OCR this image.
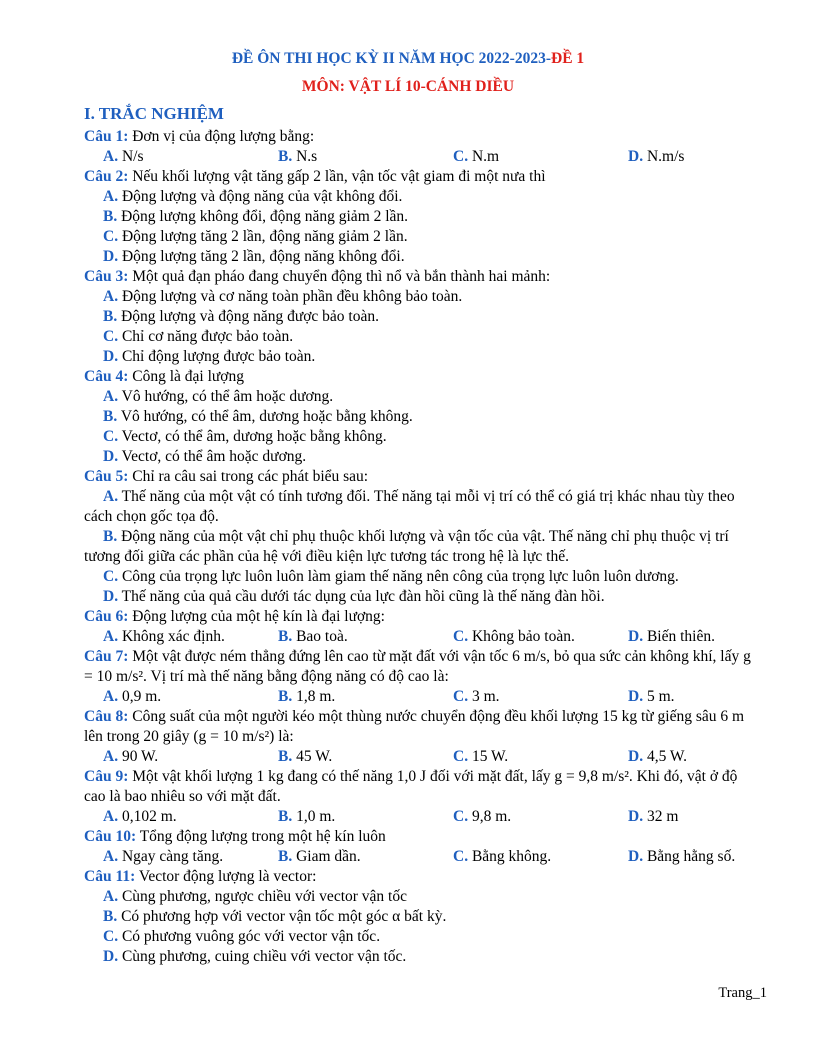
ĐỀ ÔN THI HỌC KỲ II NĂM HỌC 2022-2023-ĐỀ 1
MÔN: VẬT LÍ 10-CÁNH DIỀU
I. TRẮC NGHIỆM

Câu 1: Đơn vị của động lượng bằng:

A. N/s	B. N.s	C. N.m	D. N.m/s

Câu 2: Nếu khối lượng vật tăng gấp 2 lần, vận tốc vật giam đi một nưa thì

A. Động lượng và động năng của vật không đổi.

B. Động lượng không đổi, động năng giảm 2 lần.

C. Động lượng tăng 2 lần, động năng giảm 2 lần.

D. Động lượng tăng 2 lần, động năng không đổi.

Câu 3: Một quả đạn pháo đang chuyển động thì nổ và bắn thành hai mảnh:

A. Động lượng và cơ năng toàn phần đều không bảo toàn.

B. Động lượng và động năng được bảo toàn.

C. Chỉ cơ năng được bảo toàn.

D. Chỉ động lượng được bảo toàn.

Câu 4: Công là đại lượng

A. Vô hướng, có thể âm hoặc dương.

B. Vô hướng, có thể âm, dương hoặc bằng không.

C. Vectơ, có thể âm, dương hoặc bằng không.

D. Vectơ, có thể âm hoặc dương.

Câu 5: Chỉ ra câu sai trong các phát biểu sau:

A. Thế năng của một vật có tính tương đối. Thế năng tại mỗi vị trí có thể có giá trị khác nhau tùy theo cách chọn gốc tọa độ.

B. Động năng của một vật chỉ phụ thuộc khối lượng và vận tốc của vật. Thế năng chỉ phụ thuộc vị trí tương đối giữa các phần của hệ với điều kiện lực tương tác trong hệ là lực thế.

C. Công của trọng lực luôn luôn làm giam thế năng nên công của trọng lực luôn luôn dương.

D. Thế năng của quả cầu dưới tác dụng của lực đàn hồi cũng là thế năng đàn hồi.

Câu 6: Động lượng của một hệ kín là đại lượng:

A. Không xác định.	B. Bao toà.	C. Không bảo toàn.	D. Biến thiên.

Câu 7: Một vật được ném thẳng đứng lên cao từ mặt đất với vận tốc 6 m/s, bỏ qua sức cản không khí, lấy g = 10 m/s². Vị trí mà thế năng bằng động năng có độ cao là:

A. 0,9 m.	B. 1,8 m.	C. 3 m.	D. 5 m.

Câu 8: Công suất của một người kéo một thùng nước chuyển động đều khối lượng 15 kg từ giếng sâu 6 m lên trong 20 giây (g = 10 m/s²) là:

A. 90 W.	B. 45 W.	C. 15 W.	D. 4,5 W.

Câu 9: Một vật khối lượng 1 kg đang có thế năng 1,0 J đối với mặt đất, lấy g = 9,8 m/s². Khi đó, vật ở độ cao là bao nhiêu so với mặt đất.

A. 0,102 m.	B. 1,0 m.	C. 9,8 m.	D. 32 m

Câu 10: Tổng động lượng trong một hệ kín luôn

A. Ngay càng tăng.	B. Giam dần.	C. Bằng không.	D. Bằng hằng số.

Câu 11: Vector động lượng là vector:

A. Cùng phương, ngược chiều với vector vận tốc

B. Có phương hợp với vector vận tốc một góc α bất kỳ.

C. Có phương vuông góc với vector vận tốc.

D. Cùng phương, cuing chiều với vector vận tốc.

Trang_1
